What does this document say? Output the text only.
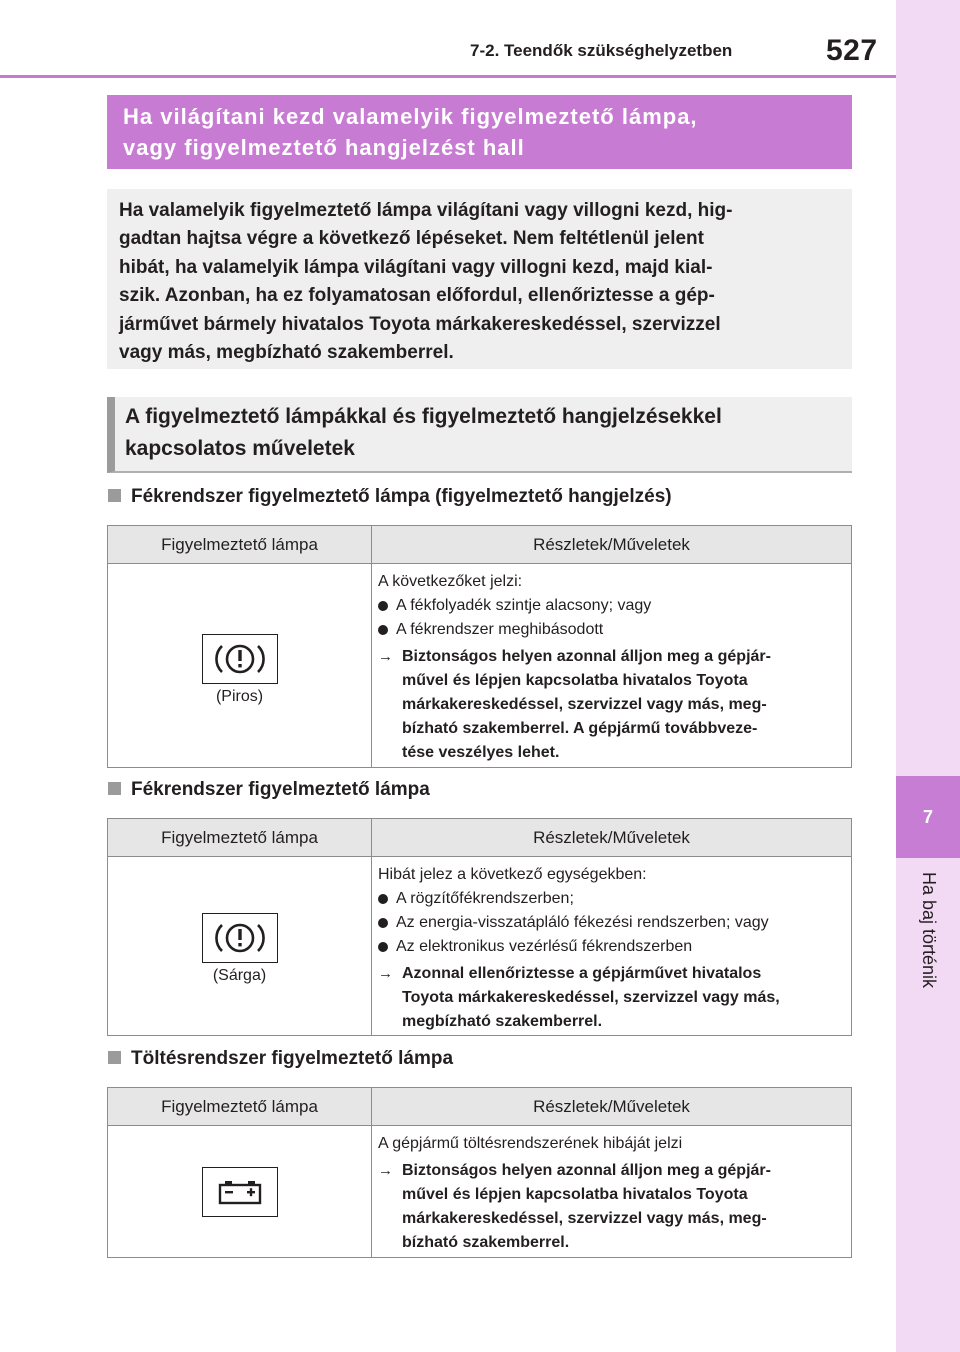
7-2. Teendők szükséghelyzetben	527
7
Ha baj történik
Ha világítani kezd valamelyik figyelmeztető lámpa,
vagy figyelmeztető hangjelzést hall

Ha valamelyik figyelmeztető lámpa világítani vagy villogni kezd, hig-

gadtan hajtsa végre a következő lépéseket. Nem feltétlenül jelent

hibát, ha valamelyik lámpa világítani vagy villogni kezd, majd kial-

szik. Azonban, ha ez folyamatosan előfordul, ellenőriztesse a gép-

járművet bármely hivatalos Toyota márkakereskedéssel, szervizzel

vagy más, megbízható szakemberrel.

A figyelmeztető lámpákkal és figyelmeztető hangjelzésekkel
kapcsolatos műveletek
Fékrendszer figyelmeztető lámpa (figyelmeztető hangjelzés)
Figyelmeztető lámpa	Részletek/Műveletek
(Piros)
A következőket jelzi:
A fékfolyadék szintje alacsony; vagy
A fékrendszer meghibásodott
→ Biztonságos helyen azonnal álljon meg a gépjár-
művel és lépjen kapcsolatba hivatalos Toyota
márkakereskedéssel, szervizzel vagy más, meg-
bízható szakemberrel. A gépjármű továbbveze-
tése veszélyes lehet.
Fékrendszer figyelmeztető lámpa
Figyelmeztető lámpa	Részletek/Műveletek
(Sárga)
Hibát jelez a következő egységekben:
A rögzítőfékrendszerben;
Az energia-visszatápláló fékezési rendszerben; vagy
Az elektronikus vezérlésű fékrendszerben
→ Azonnal ellenőriztesse a gépjárművet hivatalos
Toyota márkakereskedéssel, szervizzel vagy más,
megbízható szakemberrel.
Töltésrendszer figyelmeztető lámpa
Figyelmeztető lámpa	Részletek/Műveletek
A gépjármű töltésrendszerének hibáját jelzi
→ Biztonságos helyen azonnal álljon meg a gépjár-
művel és lépjen kapcsolatba hivatalos Toyota
márkakereskedéssel, szervizzel vagy más, meg-
bízható szakemberrel.
